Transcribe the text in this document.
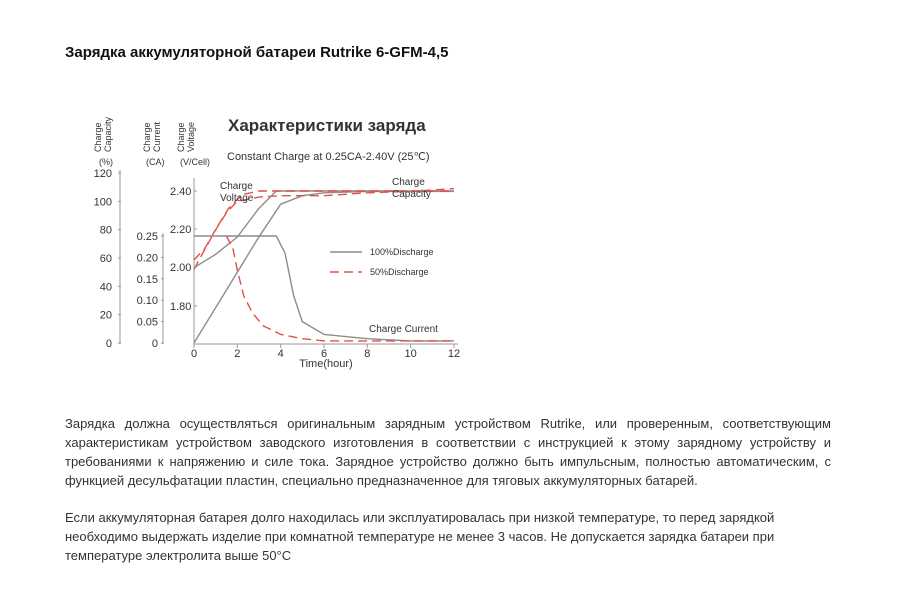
Зарядка аккумуляторной батареи Rutrike 6-GFM-4,5
Характеристики заряда
Constant Charge at 0.25CA-2.40V (25℃)
Charge Capacity
(%)
Charge Current
(CA)
Charge Voltage
(V/Cell)
0
20
40
60
80
100
120
0
0.05
0.10
0.15
0.20
0.25
1.80
2.00
2.20
2.40
0	2	4	6	8	10	12
Time(hour)
Charge
Voltage
Charge
Capacity
Charge Current
100%Discharge
50%Discharge
Зарядка должна осуществляться оригинальным зарядным устройством Rutrike, или проверенным, соответствующим характеристикам устройством заводского изготовления в соответствии с инструкцией к этому зарядному устройству и требованиями к напряжению и силе тока. Зарядное устройство должно быть импульсным, полностью автоматическим, с функцией десульфатации пластин, специально предназначенное для тяговых аккумуляторных батарей.
Если аккумуляторная батарея долго находилась или эксплуатировалась при низкой температуре, то перед зарядкой необходимо выдержать изделие при комнатной температуре не менее 3 часов. Не допускается зарядка батареи при температуре электролита выше 50°C
